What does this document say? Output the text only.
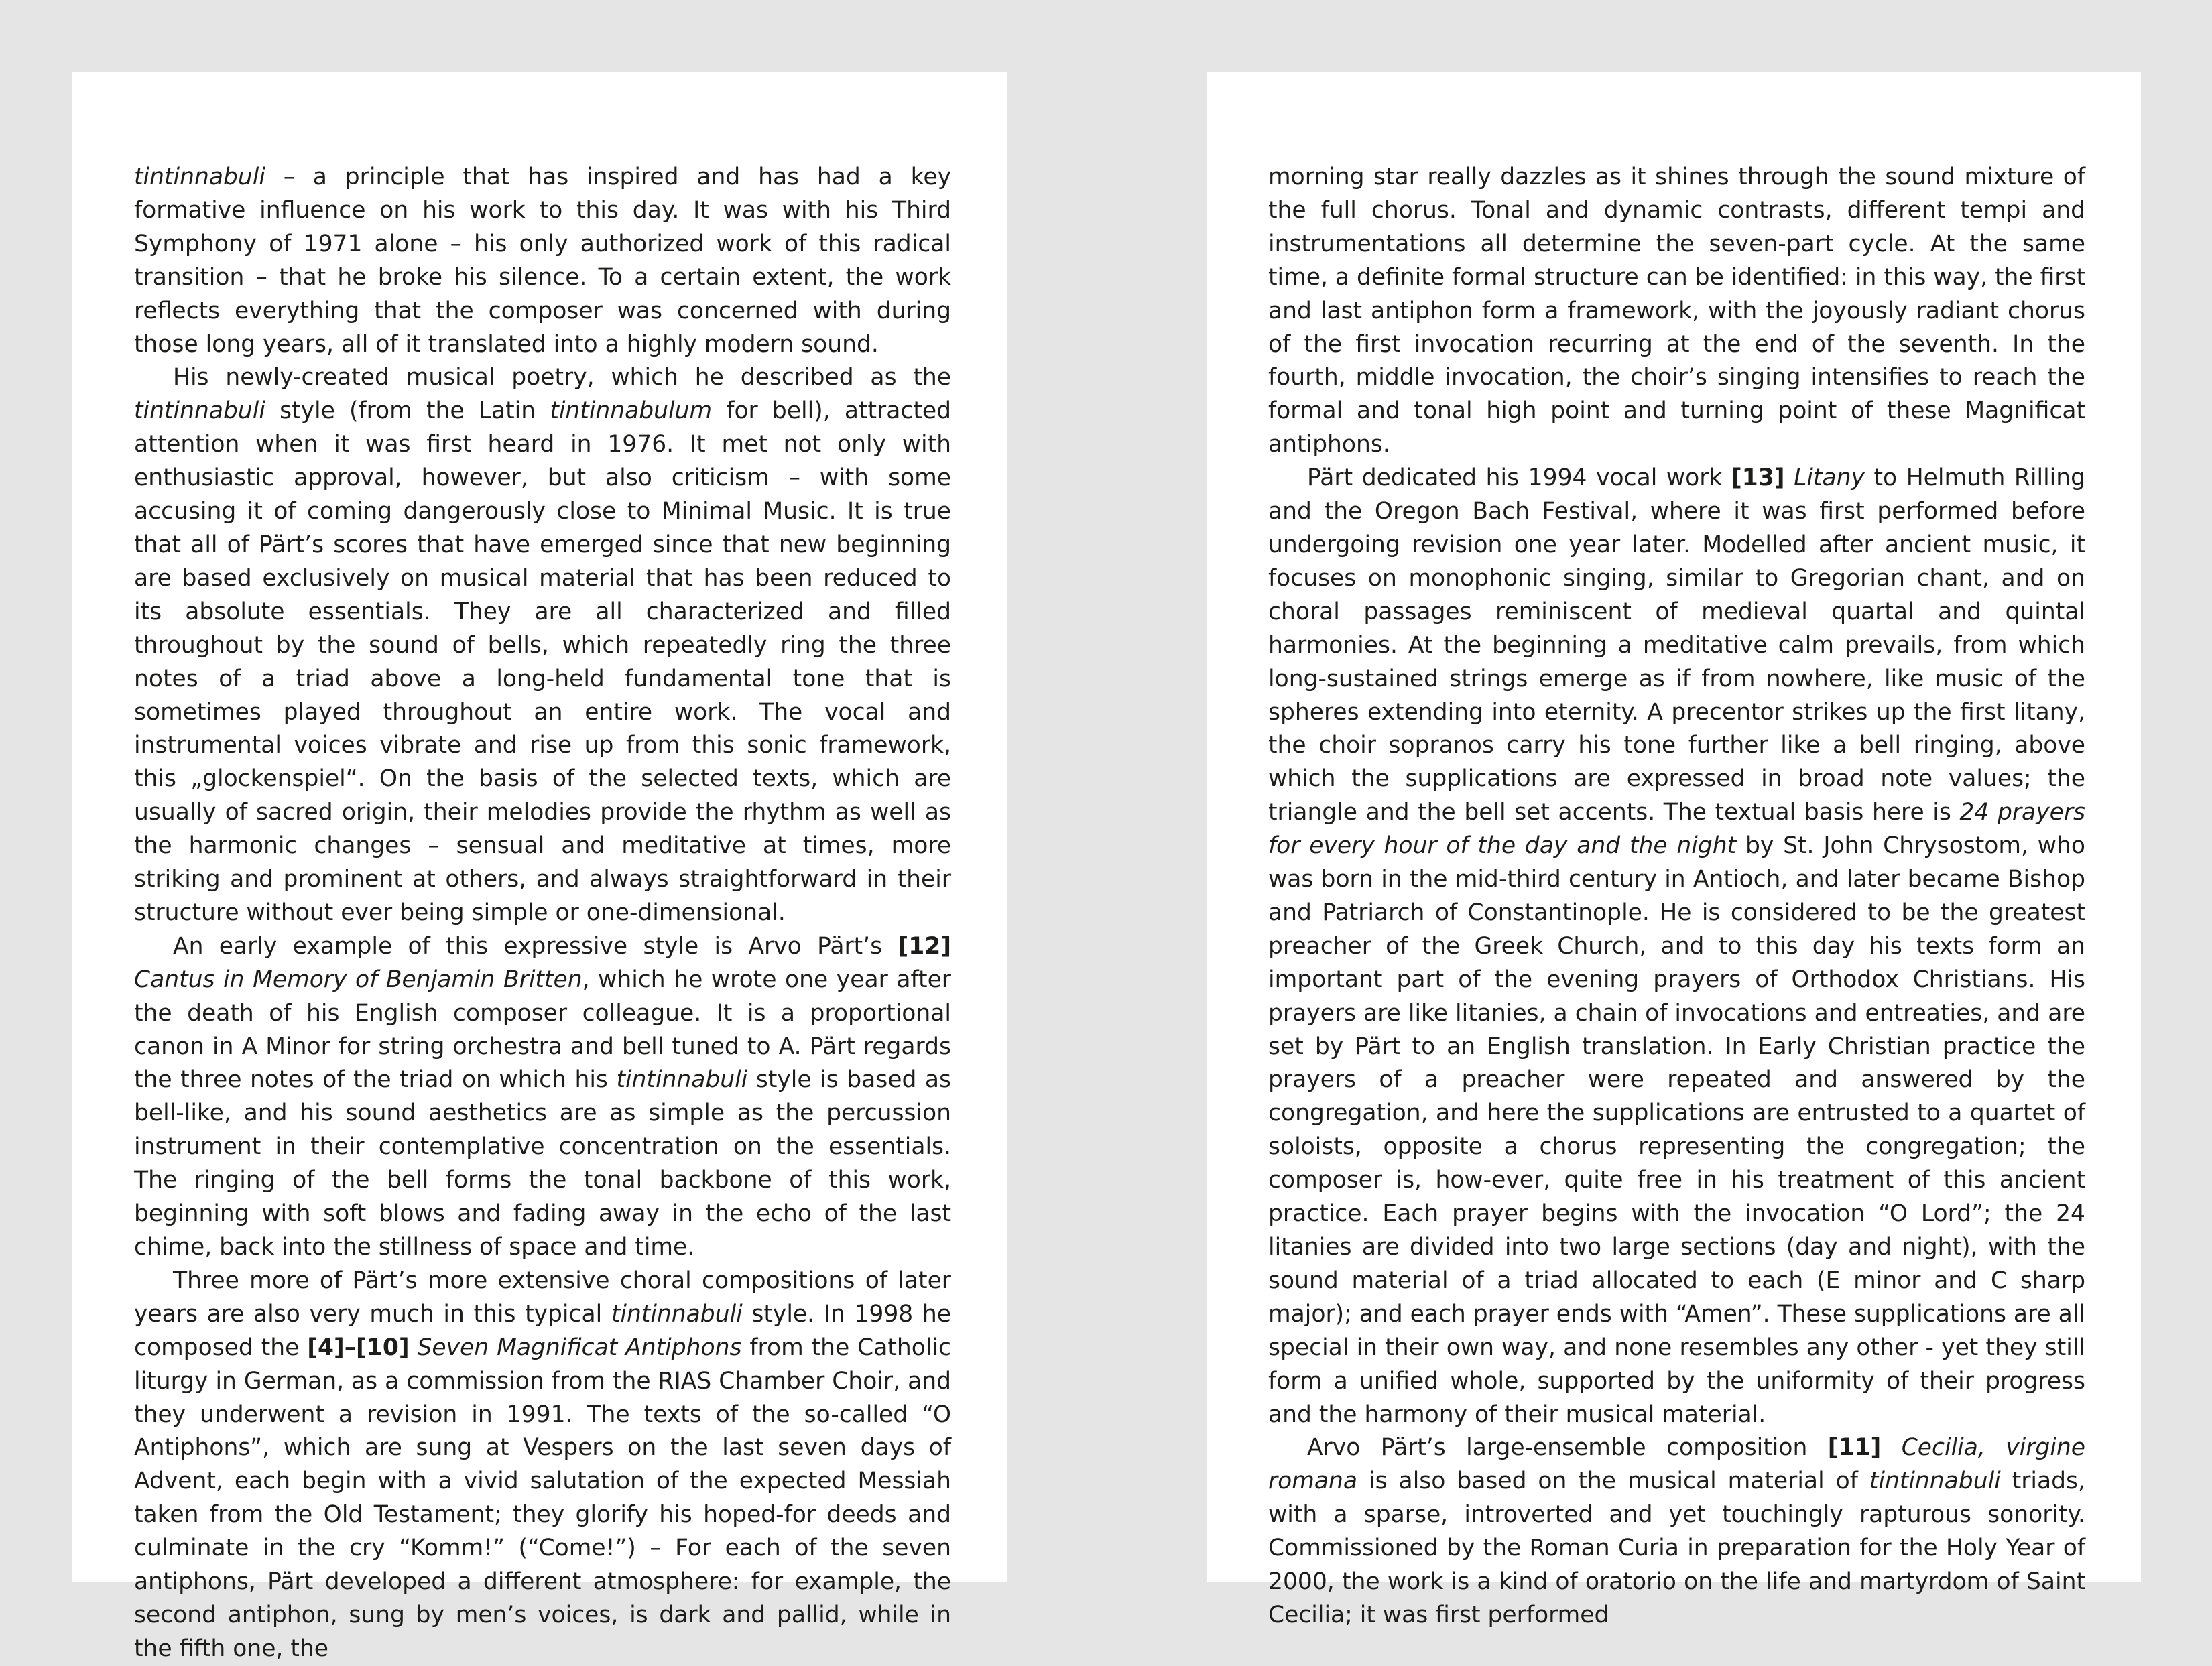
tintinnabuli – a principle that has inspired and has had a key formative influence on his work to this day. It was with his Third Symphony of 1971 alone – his only authorized work of this radical transition – that he broke his silence. To a certain extent, the work reflects everything that the composer was concerned with during those long years, all of it translated into a highly modern sound.

His newly-created musical poetry, which he described as the tintinnabuli style (from the Latin tintinnabulum for bell), attracted attention when it was first heard in 1976. It met not only with enthusiastic approval, however, but also criticism – with some accusing it of coming dangerously close to Minimal Music. It is true that all of Pärt’s scores that have emerged since that new beginning are based exclusively on musical material that has been reduced to its absolute essentials. They are all characterized and filled throughout by the sound of bells, which repeatedly ring the three notes of a triad above a long-held fundamental tone that is sometimes played throughout an entire work. The vocal and instrumental voices vibrate and rise up from this sonic framework, this „glockenspiel“. On the basis of the selected texts, which are usually of sacred origin, their melodies provide the rhythm as well as the harmonic changes – sensual and meditative at times, more striking and prominent at others, and always straightforward in their structure without ever being simple or one-dimensional.

An early example of this expressive style is Arvo Pärt’s [12] Cantus in Memory of Benjamin Britten, which he wrote one year after the death of his English composer colleague. It is a proportional canon in A Minor for string orchestra and bell tuned to A. Pärt regards the three notes of the triad on which his tintinnabuli style is based as bell-like, and his sound aesthetics are as simple as the percussion instrument in their contemplative concentration on the essentials. The ringing of the bell forms the tonal backbone of this work, beginning with soft blows and fading away in the echo of the last chime, back into the stillness of space and time.

Three more of Pärt’s more extensive choral compositions of later years are also very much in this typical tintinnabuli style. In 1998 he composed the [4]–[10] Seven Magnificat Antiphons from the Catholic liturgy in German, as a commission from the RIAS Chamber Choir, and they underwent a revision in 1991. The texts of the so-called “O Antiphons”, which are sung at Vespers on the last seven days of Advent, each begin with a vivid salutation of the expected Messiah taken from the Old Testament; they glorify his hoped-for deeds and culminate in the cry “Komm!” (“Come!”) – For each of the seven antiphons, Pärt developed a different atmosphere: for example, the second antiphon, sung by men’s voices, is dark and pallid, while in the fifth one, the

morning star really dazzles as it shines through the sound mixture of the full chorus. Tonal and dynamic contrasts, different tempi and instrumentations all determine the seven-part cycle. At the same time, a definite formal structure can be identified: in this way, the first and last antiphon form a framework, with the joyously radiant chorus of the first invocation recurring at the end of the seventh. In the fourth, middle invocation, the choir’s singing intensifies to reach the formal and tonal high point and turning point of these Magnificat antiphons.

Pärt dedicated his 1994 vocal work [13] Litany to Helmuth Rilling and the Oregon Bach Festival, where it was first performed before undergoing revision one year later. Modelled after ancient music, it focuses on monophonic singing, similar to Gregorian chant, and on choral passages reminiscent of medieval quartal and quintal harmonies. At the beginning a meditative calm prevails, from which long-sustained strings emerge as if from nowhere, like music of the spheres extending into eternity. A precentor strikes up the first litany, the choir sopranos carry his tone further like a bell ringing, above which the supplications are expressed in broad note values; the triangle and the bell set accents. The textual basis here is 24 prayers for every hour of the day and the night by St. John Chrysostom, who was born in the mid-third century in Antioch, and later became Bishop and Patriarch of Constantinople. He is considered to be the greatest preacher of the Greek Church, and to this day his texts form an important part of the evening prayers of Orthodox Christians. His prayers are like litanies, a chain of invocations and entreaties, and are set by Pärt to an English translation. In Early Christian practice the prayers of a preacher were repeated and answered by the congregation, and here the supplications are entrusted to a quartet of soloists, opposite a chorus representing the congregation; the composer is, how-ever, quite free in his treatment of this ancient practice. Each prayer begins with the invocation “O Lord”; the 24 litanies are divided into two large sections (day and night), with the sound material of a triad allocated to each (E minor and C sharp major); and each prayer ends with “Amen”. These supplications are all special in their own way, and none resembles any other - yet they still form a unified whole, supported by the uniformity of their progress and the harmony of their musical material.

Arvo Pärt’s large-ensemble composition [11] Cecilia, virgine romana is also based on the musical material of tintinnabuli triads, with a sparse, introverted and yet touchingly rapturous sonority. Commissioned by the Roman Curia in preparation for the Holy Year of 2000, the work is a kind of oratorio on the life and martyrdom of Saint Cecilia; it was first performed
